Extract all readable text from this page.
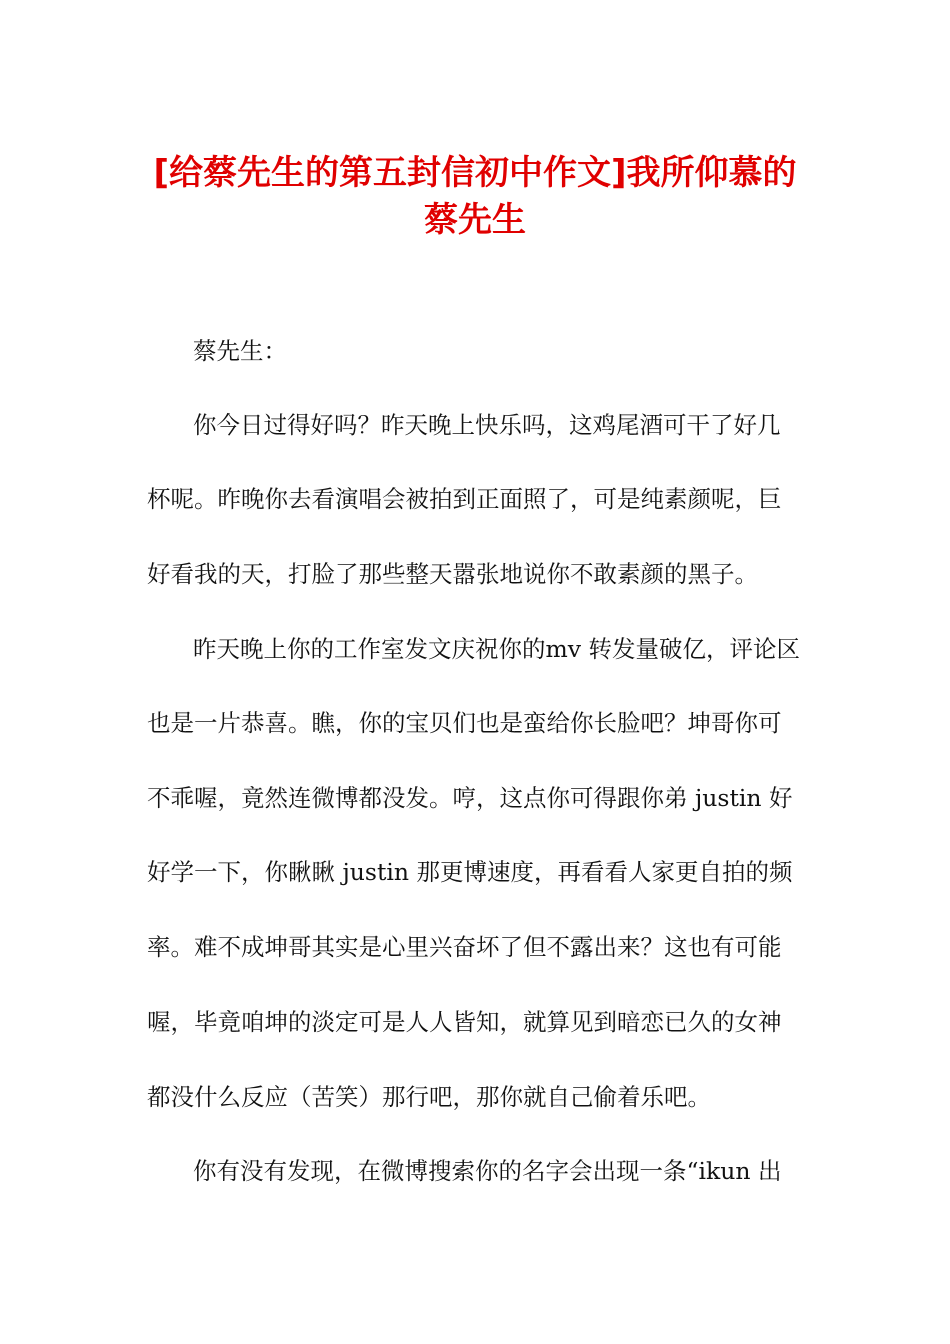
[给蔡先生的第五封信初中作文]我所仰慕的
蔡先生

蔡先生：

你今日过得好吗？昨天晚上快乐吗，这鸡尾酒可干了好几

杯呢。昨晚你去看演唱会被拍到正面照了，可是纯素颜呢，巨

好看我的天，打脸了那些整天嚣张地说你不敢素颜的黑子。

昨天晚上你的工作室发文庆祝你的mv 转发量破亿，评论区

也是一片恭喜。瞧，你的宝贝们也是蛮给你长脸吧？坤哥你可

不乖喔，竟然连微博都没发。哼，这点你可得跟你弟 justin 好

好学一下，你瞅瞅 justin 那更博速度，再看看人家更自拍的频

率。难不成坤哥其实是心里兴奋坏了但不露出来？这也有可能

喔，毕竟咱坤的淡定可是人人皆知，就算见到暗恋已久的女神

都没什么反应（苦笑）那行吧，那你就自己偷着乐吧。

你有没有发现，在微博搜索你的名字会出现一条“ikun 出
